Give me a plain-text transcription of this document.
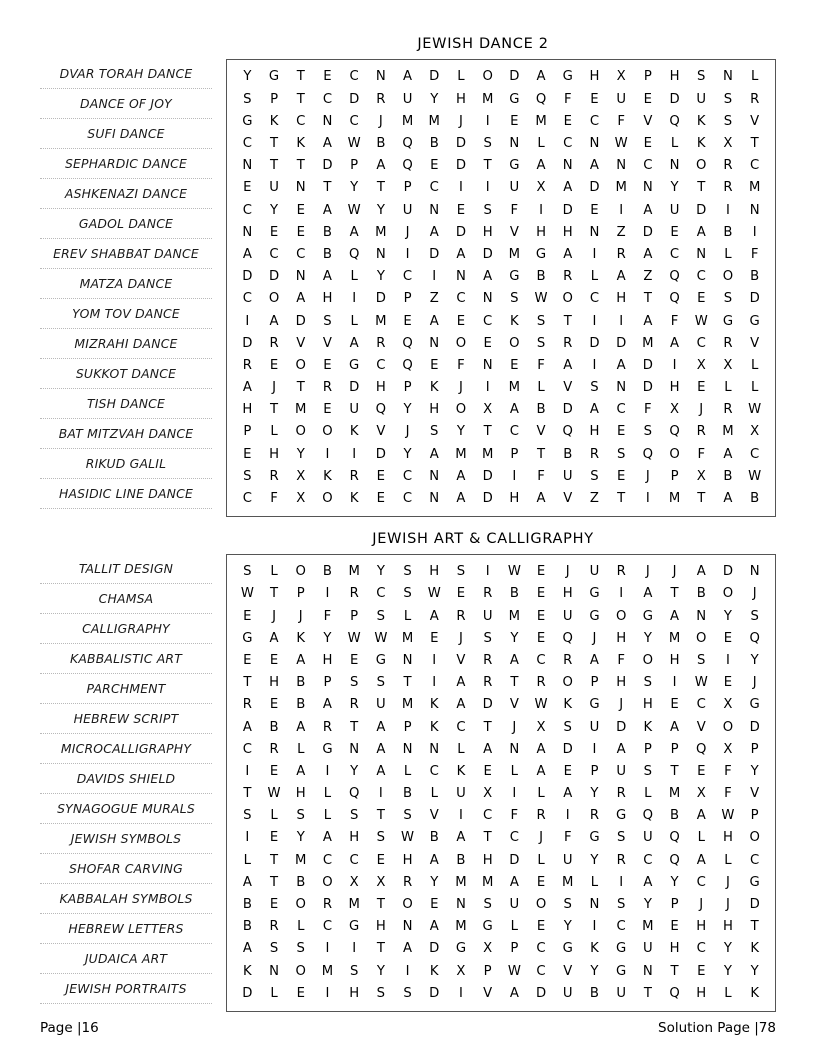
JEWISH DANCE 2
DVAR TORAH DANCE
DANCE OF JOY
SUFI DANCE
SEPHARDIC DANCE
ASHKENAZI DANCE
GADOL DANCE
EREV SHABBAT DANCE
MATZA DANCE
YOM TOV DANCE
MIZRAHI DANCE
SUKKOT DANCE
TISH DANCE
BAT MITZVAH DANCE
RIKUD GALIL
HASIDIC LINE DANCE
Y	G	T	E	C	N	A	D	L	O	D	A	G	H	X	P	H	S	N	L
S	P	T	C	D	R	U	Y	H	M	G	Q	F	E	U	E	D	U	S	R
G	K	C	N	C	J	M	M	J	I	E	M	E	C	F	V	Q	K	S	V
C	T	K	A	W	B	Q	B	D	S	N	L	C	N	W	E	L	K	X	T
N	T	T	D	P	A	Q	E	D	T	G	A	N	A	N	C	N	O	R	C
E	U	N	T	Y	T	P	C	I	I	U	X	A	D	M	N	Y	T	R	M
C	Y	E	A	W	Y	U	N	E	S	F	I	D	E	I	A	U	D	I	N
N	E	E	B	A	M	J	A	D	H	V	H	H	N	Z	D	E	A	B	I
A	C	C	B	Q	N	I	D	A	D	M	G	A	I	R	A	C	N	L	F
D	D	N	A	L	Y	C	I	N	A	G	B	R	L	A	Z	Q	C	O	B
C	O	A	H	I	D	P	Z	C	N	S	W	O	C	H	T	Q	E	S	D
I	A	D	S	L	M	E	A	E	C	K	S	T	I	I	A	F	W	G	G
D	R	V	V	A	R	Q	N	O	E	O	S	R	D	D	M	A	C	R	V
R	E	O	E	G	C	Q	E	F	N	E	F	A	I	A	D	I	X	X	L
A	J	T	R	D	H	P	K	J	I	M	L	V	S	N	D	H	E	L	L
H	T	M	E	U	Q	Y	H	O	X	A	B	D	A	C	F	X	J	R	W
P	L	O	O	K	V	J	S	Y	T	C	V	Q	H	E	S	Q	R	M	X
E	H	Y	I	I	D	Y	A	M	M	P	T	B	R	S	Q	O	F	A	C
S	R	X	K	R	E	C	N	A	D	I	F	U	S	E	J	P	X	B	W
C	F	X	O	K	E	C	N	A	D	H	A	V	Z	T	I	M	T	A	B
JEWISH ART & CALLIGRAPHY
TALLIT DESIGN
CHAMSA
CALLIGRAPHY
KABBALISTIC ART
PARCHMENT
HEBREW SCRIPT
MICROCALLIGRAPHY
DAVIDS SHIELD
SYNAGOGUE MURALS
JEWISH SYMBOLS
SHOFAR CARVING
KABBALAH SYMBOLS
HEBREW LETTERS
JUDAICA ART
JEWISH PORTRAITS
S	L	O	B	M	Y	S	H	S	I	W	E	J	U	R	J	J	A	D	N
W	T	P	I	R	C	S	W	E	R	B	E	H	G	I	A	T	B	O	J
E	J	J	F	P	S	L	A	R	U	M	E	U	G	O	G	A	N	Y	S
G	A	K	Y	W	W	M	E	J	S	Y	E	Q	J	H	Y	M	O	E	Q
E	E	A	H	E	G	N	I	V	R	A	C	R	A	F	O	H	S	I	Y
T	H	B	P	S	S	T	I	A	R	T	R	O	P	H	S	I	W	E	J
R	E	B	A	R	U	M	K	A	D	V	W	K	G	J	H	E	C	X	G
A	B	A	R	T	A	P	K	C	T	J	X	S	U	D	K	A	V	O	D
C	R	L	G	N	A	N	N	L	A	N	A	D	I	A	P	P	Q	X	P
I	E	A	I	Y	A	L	C	K	E	L	A	E	P	U	S	T	E	F	Y
T	W	H	L	Q	I	B	L	U	X	I	L	A	Y	R	L	M	X	F	V
S	L	S	L	S	T	S	V	I	C	F	R	I	R	G	Q	B	A	W	P
I	E	Y	A	H	S	W	B	A	T	C	J	F	G	S	U	Q	L	H	O
L	T	M	C	C	E	H	A	B	H	D	L	U	Y	R	C	Q	A	L	C
A	T	B	O	X	X	R	Y	M	M	A	E	M	L	I	A	Y	C	J	G
B	E	O	R	M	T	O	E	N	S	U	O	S	N	S	Y	P	J	J	D
B	R	L	C	G	H	N	A	M	G	L	E	Y	I	C	M	E	H	H	T
A	S	S	I	I	T	A	D	G	X	P	C	G	K	G	U	H	C	Y	K
K	N	O	M	S	Y	I	K	X	P	W	C	V	Y	G	N	T	E	Y	Y
D	L	E	I	H	S	S	D	I	V	A	D	U	B	U	T	Q	H	L	K
Page |16	Solution Page |78
